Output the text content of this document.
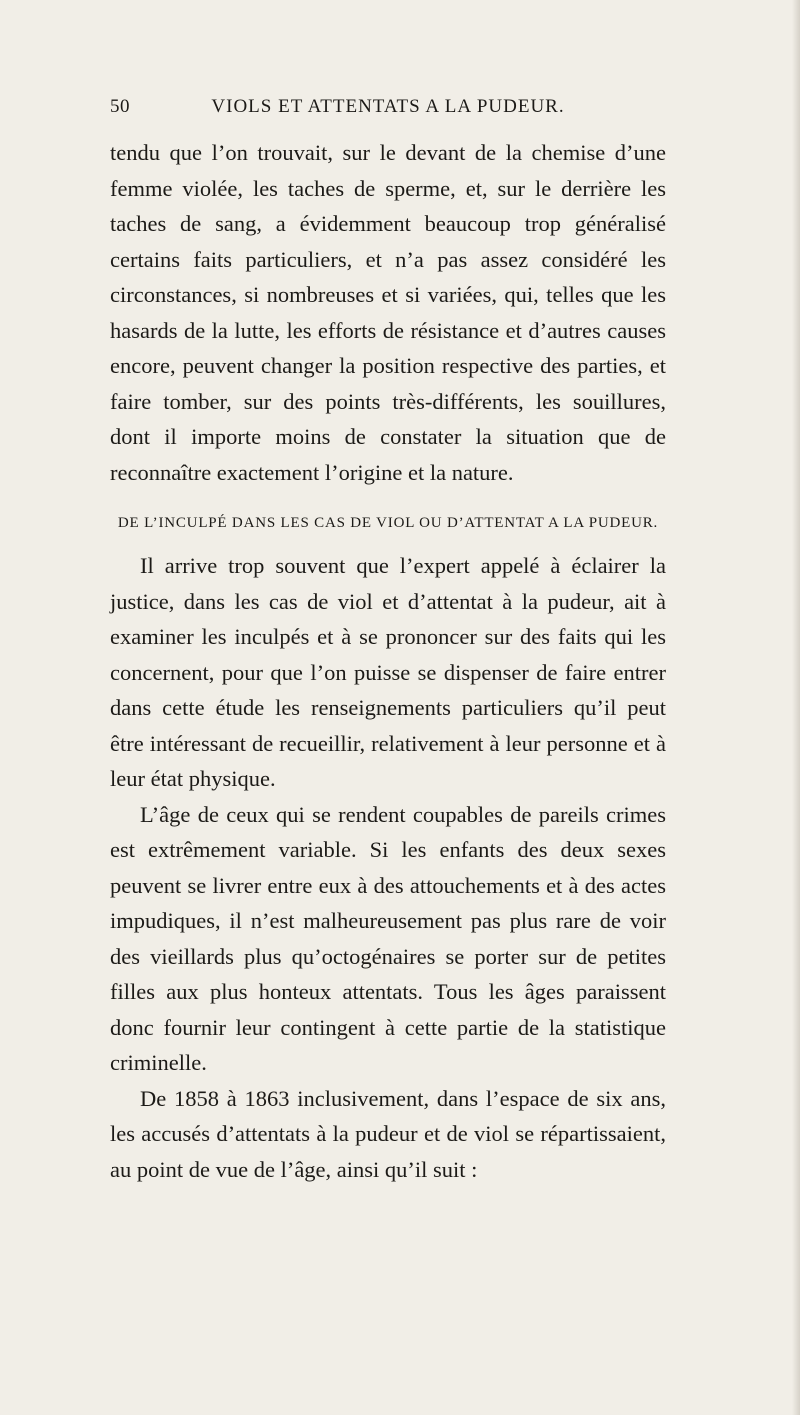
50	VIOLS ET ATTENTATS A LA PUDEUR.

tendu que l’on trouvait, sur le devant de la chemise d’une femme violée, les taches de sperme, et, sur le derrière les taches de sang, a évidemment beaucoup trop généralisé certains faits particuliers, et n’a pas assez considéré les circonstances, si nombreuses et si variées, qui, telles que les hasards de la lutte, les efforts de résistance et d’autres causes encore, peuvent changer la position respective des parties, et faire tomber, sur des points très-différents, les souillures, dont il importe moins de constater la situation que de reconnaître exactement l’origine et la nature.

DE L’INCULPÉ DANS LES CAS DE VIOL OU D’ATTENTAT A LA PUDEUR.

Il arrive trop souvent que l’expert appelé à éclairer la justice, dans les cas de viol et d’attentat à la pudeur, ait à examiner les inculpés et à se prononcer sur des faits qui les concernent, pour que l’on puisse se dispenser de faire entrer dans cette étude les renseignements particuliers qu’il peut être intéressant de recueillir, relativement à leur personne et à leur état physique.

L’âge de ceux qui se rendent coupables de pareils crimes est extrêmement variable. Si les enfants des deux sexes peuvent se livrer entre eux à des attouchements et à des actes impudiques, il n’est malheureusement pas plus rare de voir des vieillards plus qu’octogénaires se porter sur de petites filles aux plus honteux attentats. Tous les âges paraissent donc fournir leur contingent à cette partie de la statistique criminelle.

De 1858 à 1863 inclusivement, dans l’espace de six ans, les accusés d’attentats à la pudeur et de viol se répartissaient, au point de vue de l’âge, ainsi qu’il suit :
